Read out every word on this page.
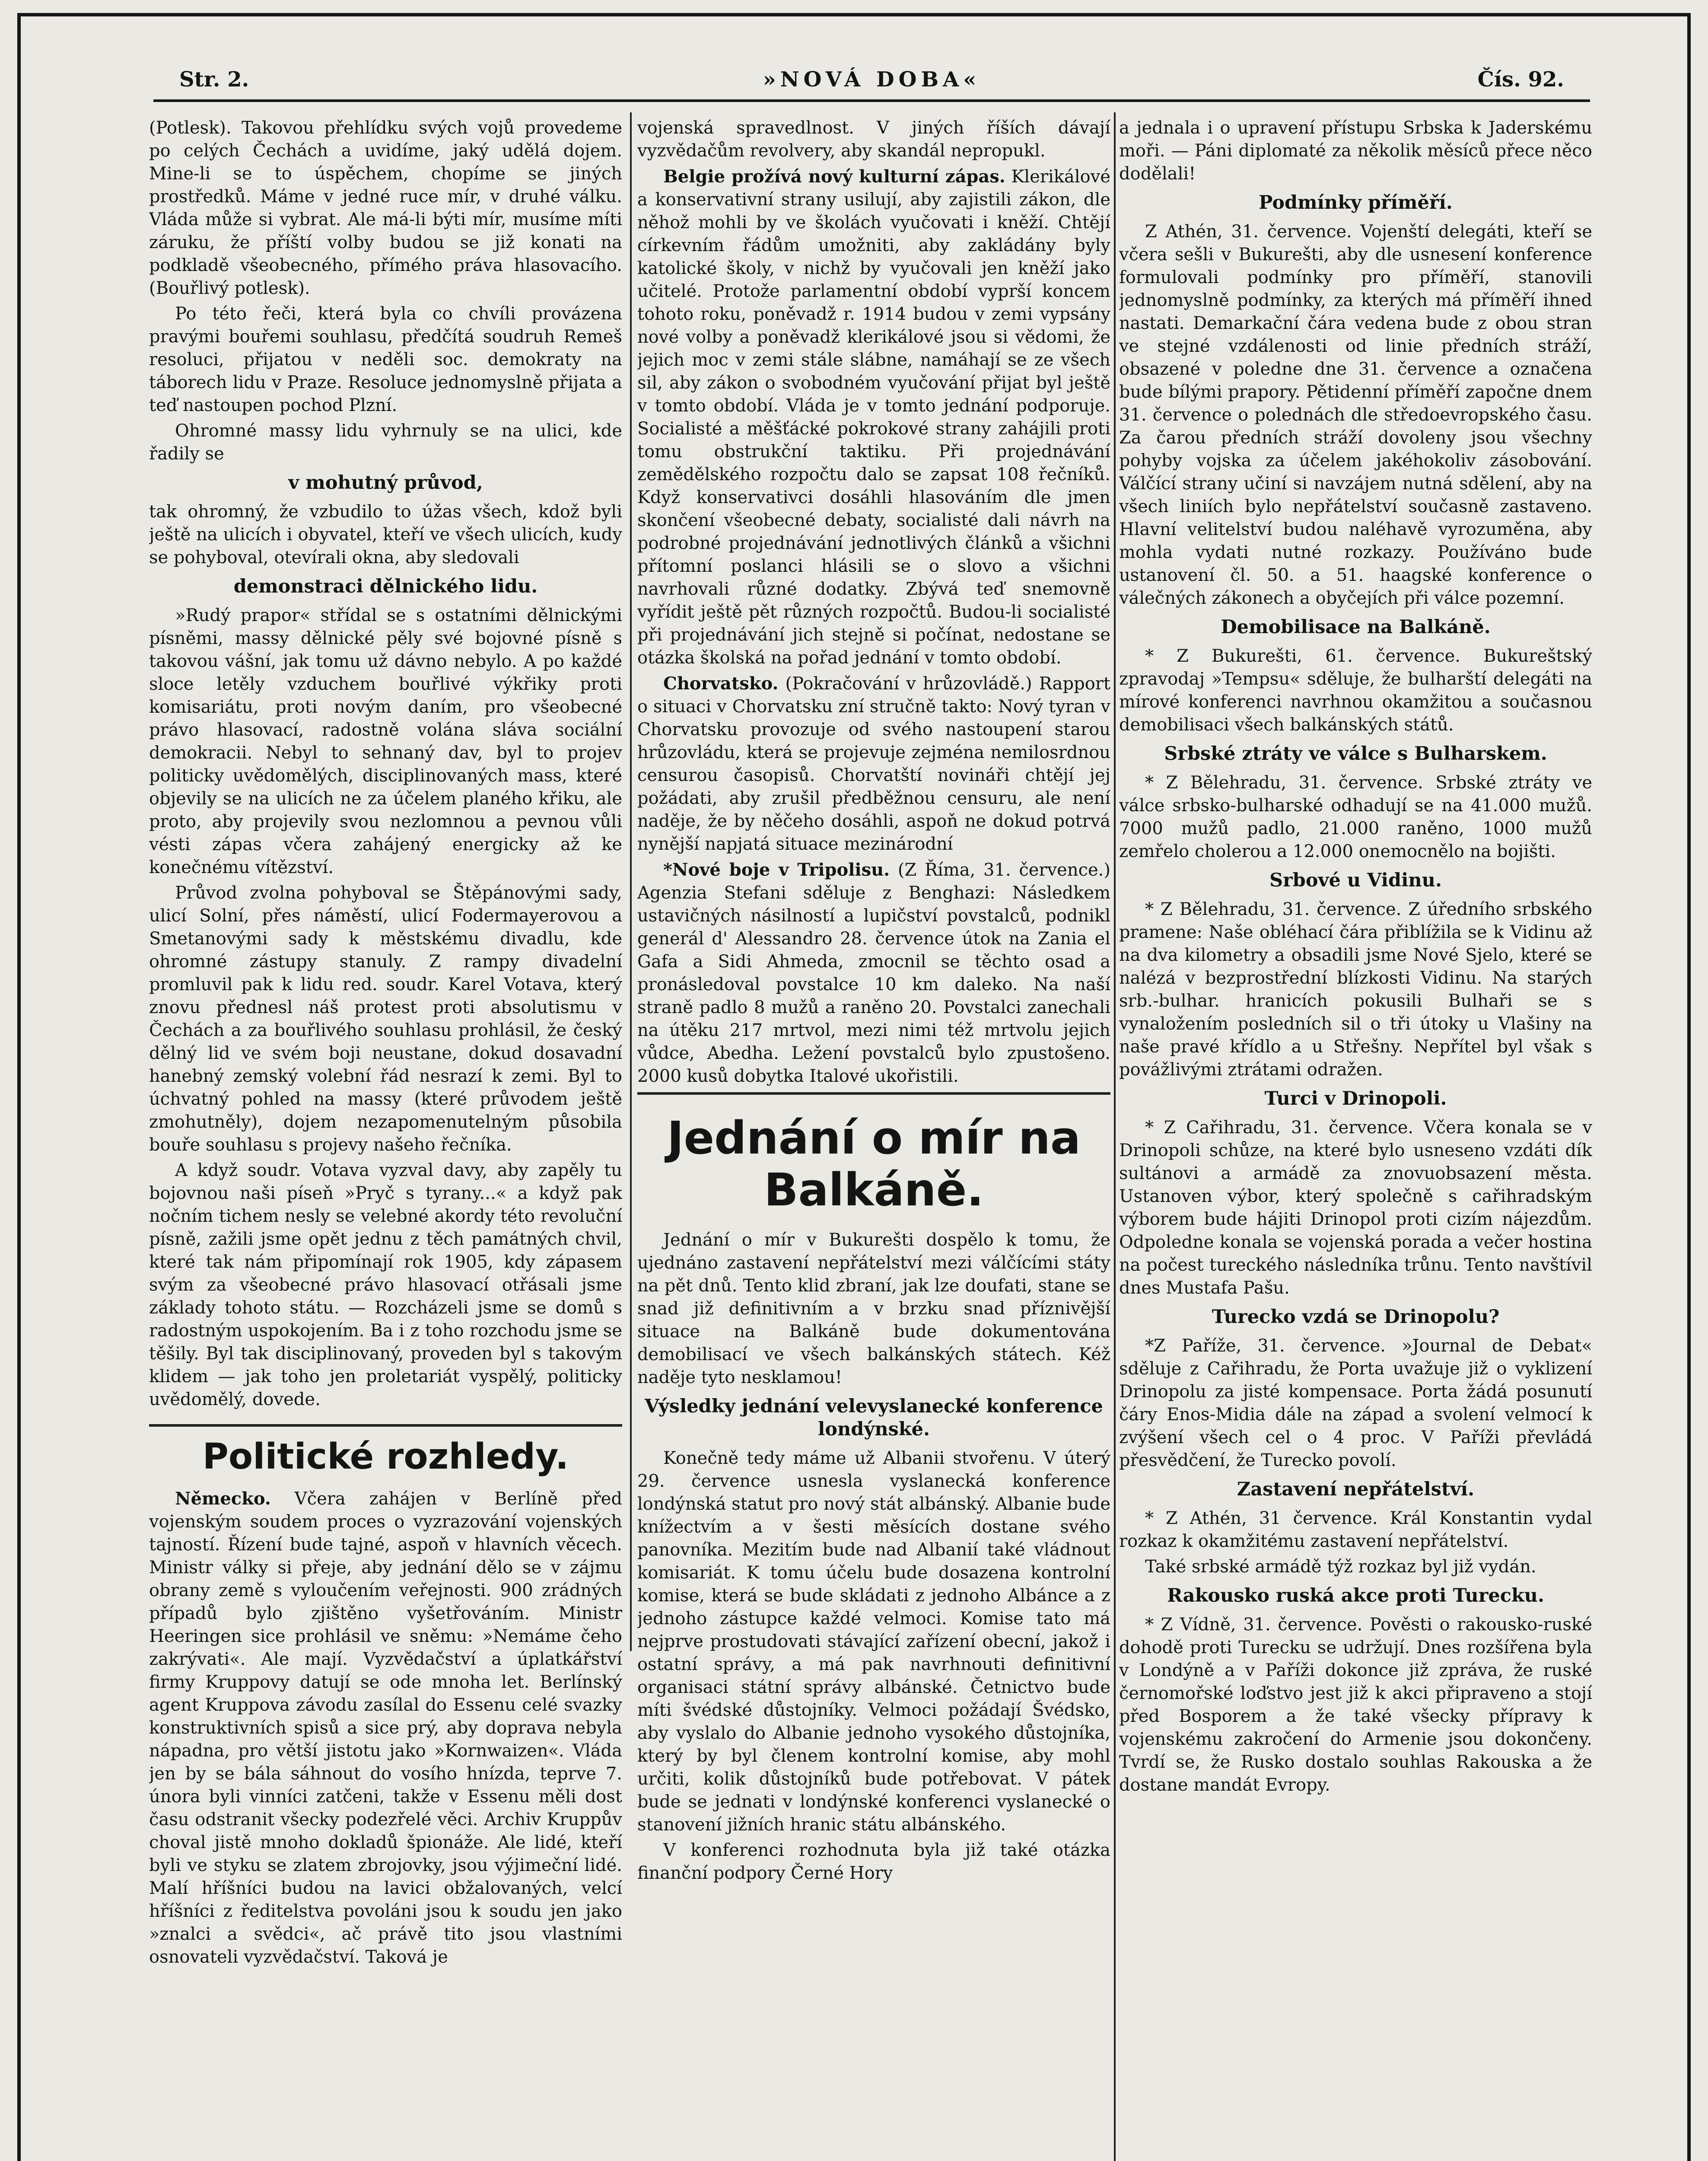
Str. 2.	»NOVÁ DOBA«	Čís. 92.

(Potlesk). Takovou přehlídku svých vojů provedeme po celých Čechách a uvidíme, jaký udělá dojem. Mine-li se to úspěchem, chopíme se jiných prostředků. Máme v jedné ruce mír, v druhé válku. Vláda může si vybrat. Ale má-li býti mír, musíme míti záruku, že příští volby budou se již konati na podkladě všeobecného, přímého práva hlasovacího. (Bouřlivý potlesk).

Po této řeči, která byla co chvíli provázena pravými bouřemi souhlasu, předčítá soudruh Remeš resoluci, přijatou v neděli soc. demokraty na táborech lidu v Praze. Resoluce jednomyslně přijata a teď nastoupen pochod Plzní.

Ohromné massy lidu vyhrnuly se na ulici, kde řadily se

v mohutný průvod,

tak ohromný, že vzbudilo to úžas všech, kdož byli ještě na ulicích i obyvatel, kteří ve všech ulicích, kudy se pohyboval, otevírali okna, aby sledovali

demonstraci dělnického lidu.

»Rudý prapor« střídal se s ostatními dělnickými písněmi, massy dělnické pěly své bojovné písně s takovou vášní, jak tomu už dávno nebylo. A po každé sloce letěly vzduchem bouřlivé výkřiky proti komisariátu, proti novým daním, pro všeobecné právo hlasovací, radostně volána sláva sociální demokracii. Nebyl to sehnaný dav, byl to projev politicky uvědomělých, disciplinovaných mass, které objevily se na ulicích ne za účelem planého křiku, ale proto, aby projevily svou nezlomnou a pevnou vůli vésti zápas včera zahájený energicky až ke konečnému vítězství.

Průvod zvolna pohyboval se Štěpánovými sady, ulicí Solní, přes náměstí, ulicí Fodermayerovou a Smetanovými sady k městskému divadlu, kde ohromné zástupy stanuly. Z rampy divadelní promluvil pak k lidu red. soudr. Karel Votava, který znovu přednesl náš protest proti absolutismu v Čechách a za bouřlivého souhlasu prohlásil, že český dělný lid ve svém boji neustane, dokud dosavadní hanebný zemský volební řád nesrazí k zemi. Byl to úchvatný pohled na massy (které průvodem ještě zmohutněly), dojem nezapomenutelným působila bouře souhlasu s projevy našeho řečníka.

A když soudr. Votava vyzval davy, aby zapěly tu bojovnou naši píseň »Pryč s tyrany...« a když pak nočním tichem nesly se velebné akordy této revoluční písně, zažili jsme opět jednu z těch památných chvil, které tak nám připomínají rok 1905, kdy zápasem svým za všeobecné právo hlasovací otřásali jsme základy tohoto státu. — Rozcházeli jsme se domů s radostným uspokojením. Ba i z toho rozchodu jsme se těšily. Byl tak disciplinovaný, proveden byl s takovým klidem — jak toho jen proletariát vyspělý, politicky uvědomělý, dovede.

Politické rozhledy.

Německo. Včera zahájen v Berlíně před vojenským soudem proces o vyzrazování vojenských tajností. Řízení bude tajné, aspoň v hlavních věcech. Ministr války si přeje, aby jednání dělo se v zájmu obrany země s vyloučením veřejnosti. 900 zrádných případů bylo zjištěno vyšetřováním. Ministr Heeringen sice prohlásil ve sněmu: »Nemáme čeho zakrývati«. Ale mají. Vyzvědačství a úplatkářství firmy Kruppovy datují se ode mnoha let. Berlínský agent Kruppova závodu zasílal do Essenu celé svazky konstruktivních spisů a sice prý, aby doprava nebyla nápadna, pro větší jistotu jako »Kornwaizen«. Vláda jen by se bála sáhnout do vosího hnízda, teprve 7. února byli vinníci zatčeni, takže v Essenu měli dost času odstranit všecky podezřelé věci. Archiv Kruppův choval jistě mnoho dokladů špionáže. Ale lidé, kteří byli ve styku se zlatem zbrojovky, jsou výjimeční lidé. Malí hříšníci budou na lavici obžalovaných, velcí hříšníci z ředitelstva povoláni jsou k soudu jen jako »znalci a svědci«, ač právě tito jsou vlastními osnovateli vyzvědačství. Taková je

vojenská spravedlnost. V jiných říších dávají vyzvědačům revolvery, aby skandál nepropukl.

Belgie prožívá nový kulturní zápas. Klerikálové a konservativní strany usilují, aby zajistili zákon, dle něhož mohli by ve školách vyučovati i kněží. Chtějí církevním řádům umožniti, aby zakládány byly katolické školy, v nichž by vyučovali jen kněží jako učitelé. Protože parlamentní období vyprší koncem tohoto roku, poněvadž r. 1914 budou v zemi vypsány nové volby a poněvadž klerikálové jsou si vědomi, že jejich moc v zemi stále slábne, namáhají se ze všech sil, aby zákon o svobodném vyučování přijat byl ještě v tomto období. Vláda je v tomto jednání podporuje. Socialisté a měšťácké pokrokové strany zahájili proti tomu obstrukční taktiku. Při projednávání zemědělského rozpočtu dalo se zapsat 108 řečníků. Když konservativci dosáhli hlasováním dle jmen skončení všeobecné debaty, socialisté dali návrh na podrobné projednávání jednotlivých článků a všichni přítomní poslanci hlásili se o slovo a všichni navrhovali různé dodatky. Zbývá teď snemovně vyřídit ještě pět různých rozpočtů. Budou-li socialisté při projednávání jich stejně si počínat, nedostane se otázka školská na pořad jednání v tomto období.

Chorvatsko. (Pokračování v hrůzovládě.) Rapport o situaci v Chorvatsku zní stručně takto: Nový tyran v Chorvatsku provozuje od svého nastoupení starou hrůzovládu, která se projevuje zejména nemilosrdnou censurou časopisů. Chorvatští novináři chtějí jej požádati, aby zrušil předběžnou censuru, ale není naděje, že by něčeho dosáhli, aspoň ne dokud potrvá nynější napjatá situace mezinárodní

*Nové boje v Tripolisu. (Z Říma, 31. července.) Agenzia Stefani sděluje z Benghazi: Následkem ustavičných násilností a lupičství povstalců, podnikl generál d' Alessandro 28. července útok na Zania el Gafa a Sidi Ahmeda, zmocnil se těchto osad a pronásledoval povstalce 10 km daleko. Na naší straně padlo 8 mužů a raněno 20. Povstalci zanechali na útěku 217 mrtvol, mezi nimi též mrtvolu jejich vůdce, Abedha. Ležení povstalců bylo zpustošeno. 2000 kusů dobytka Italové ukořistili.

Jednání o mír na Balkáně.

Jednání o mír v Bukurešti dospělo k tomu, že ujednáno zastavení nepřátelství mezi válčícími státy na pět dnů. Tento klid zbraní, jak lze doufati, stane se snad již definitivním a v brzku snad příznivější situace na Balkáně bude dokumentována demobilisací ve všech balkánských státech. Kéž naděje tyto nesklamou!

Výsledky jednání velevyslanecké konference londýnské.

Konečně tedy máme už Albanii stvořenu. V úterý 29. července usnesla vyslanecká konference londýnská statut pro nový stát albánský. Albanie bude knížectvím a v šesti měsících dostane svého panovníka. Mezitím bude nad Albanií také vládnout komisariát. K tomu účelu bude dosazena kontrolní komise, která se bude skládati z jednoho Albánce a z jednoho zástupce každé velmoci. Komise tato má nejprve prostudovati stávající zařízení obecní, jakož i ostatní správy, a má pak navrhnouti definitivní organisaci státní správy albánské. Četnictvo bude míti švédské důstojníky. Velmoci požádají Švédsko, aby vyslalo do Albanie jednoho vysokého důstojníka, který by byl členem kontrolní komise, aby mohl určiti, kolik důstojníků bude potřebovat. V pátek bude se jednati v londýnské konferenci vyslanecké o stanovení jižních hranic státu albánského.

V konferenci rozhodnuta byla již také otázka finanční podpory Černé Hory

a jednala i o upravení přístupu Srbska k Jaderskému moři. — Páni diplomaté za několik měsíců přece něco dodělali!

Podmínky příměří.

Z Athén, 31. července. Vojenští delegáti, kteří se včera sešli v Bukurešti, aby dle usnesení konference formulovali podmínky pro příměří, stanovili jednomyslně podmínky, za kterých má příměří ihned nastati. Demarkační čára vedena bude z obou stran ve stejné vzdálenosti od linie předních stráží, obsazené v poledne dne 31. července a označena bude bílými prapory. Pětidenní příměří započne dnem 31. července o polednách dle středoevropského času. Za čarou předních stráží dovoleny jsou všechny pohyby vojska za účelem jakéhokoliv zásobování. Válčící strany učiní si navzájem nutná sdělení, aby na všech liniích bylo nepřátelství současně zastaveno. Hlavní velitelství budou naléhavě vyrozuměna, aby mohla vydati nutné rozkazy. Používáno bude ustanovení čl. 50. a 51. haagské konference o válečných zákonech a obyčejích při válce pozemní.

Demobilisace na Balkáně.

* Z Bukurešti, 61. července. Bukureštský zpravodaj »Tempsu« sděluje, že bulharští delegáti na mírové konferenci navrhnou okamžitou a současnou demobilisaci všech balkánských států.

Srbské ztráty ve válce s Bulharskem.

* Z Bělehradu, 31. července. Srbské ztráty ve válce srbsko-bulharské odhadují se na 41.000 mužů. 7000 mužů padlo, 21.000 raněno, 1000 mužů zemřelo cholerou a 12.000 onemocnělo na bojišti.

Srbové u Vidinu.

* Z Bělehradu, 31. července. Z úředního srbského pramene: Naše obléhací čára přiblížila se k Vidinu až na dva kilometry a obsadili jsme Nové Sjelo, které se nalézá v bezprostřední blízkosti Vidinu. Na starých srb.-bulhar. hranicích pokusili Bulhaři se s vynaložením posledních sil o tři útoky u Vlašiny na naše pravé křídlo a u Střešny. Nepřítel byl však s povážlivými ztrátami odražen.

Turci v Drinopoli.

* Z Cařihradu, 31. července. Včera konala se v Drinopoli schůze, na které bylo usneseno vzdáti dík sultánovi a armádě za znovuobsazení města. Ustanoven výbor, který společně s cařihradským výborem bude hájiti Drinopol proti cizím nájezdům. Odpoledne konala se vojenská porada a večer hostina na počest tureckého následníka trůnu. Tento navštívil dnes Mustafa Pašu.

Turecko vzdá se Drinopolu?

*Z Paříže, 31. července. »Journal de Debat« sděluje z Cařihradu, že Porta uvažuje již o vyklizení Drinopolu za jisté kompensace. Porta žádá posunutí čáry Enos-Midia dále na západ a svolení velmocí k zvýšení všech cel o 4 proc. V Paříži převládá přesvědčení, že Turecko povolí.

Zastavení nepřátelství.

* Z Athén, 31 července. Král Konstantin vydal rozkaz k okamžitému zastavení nepřátelství.

Také srbské armádě týž rozkaz byl již vydán.

Rakousko ruská akce proti Turecku.

* Z Vídně, 31. července. Pověsti o rakousko-ruské dohodě proti Turecku se udržují. Dnes rozšířena byla v Londýně a v Paříži dokonce již zpráva, že ruské černomořské loďstvo jest již k akci připraveno a stojí před Bosporem a že také všecky přípravy k vojenskému zakročení do Armenie jsou dokončeny. Tvrdí se, že Rusko dostalo souhlas Rakouska a že dostane mandát Evropy.
